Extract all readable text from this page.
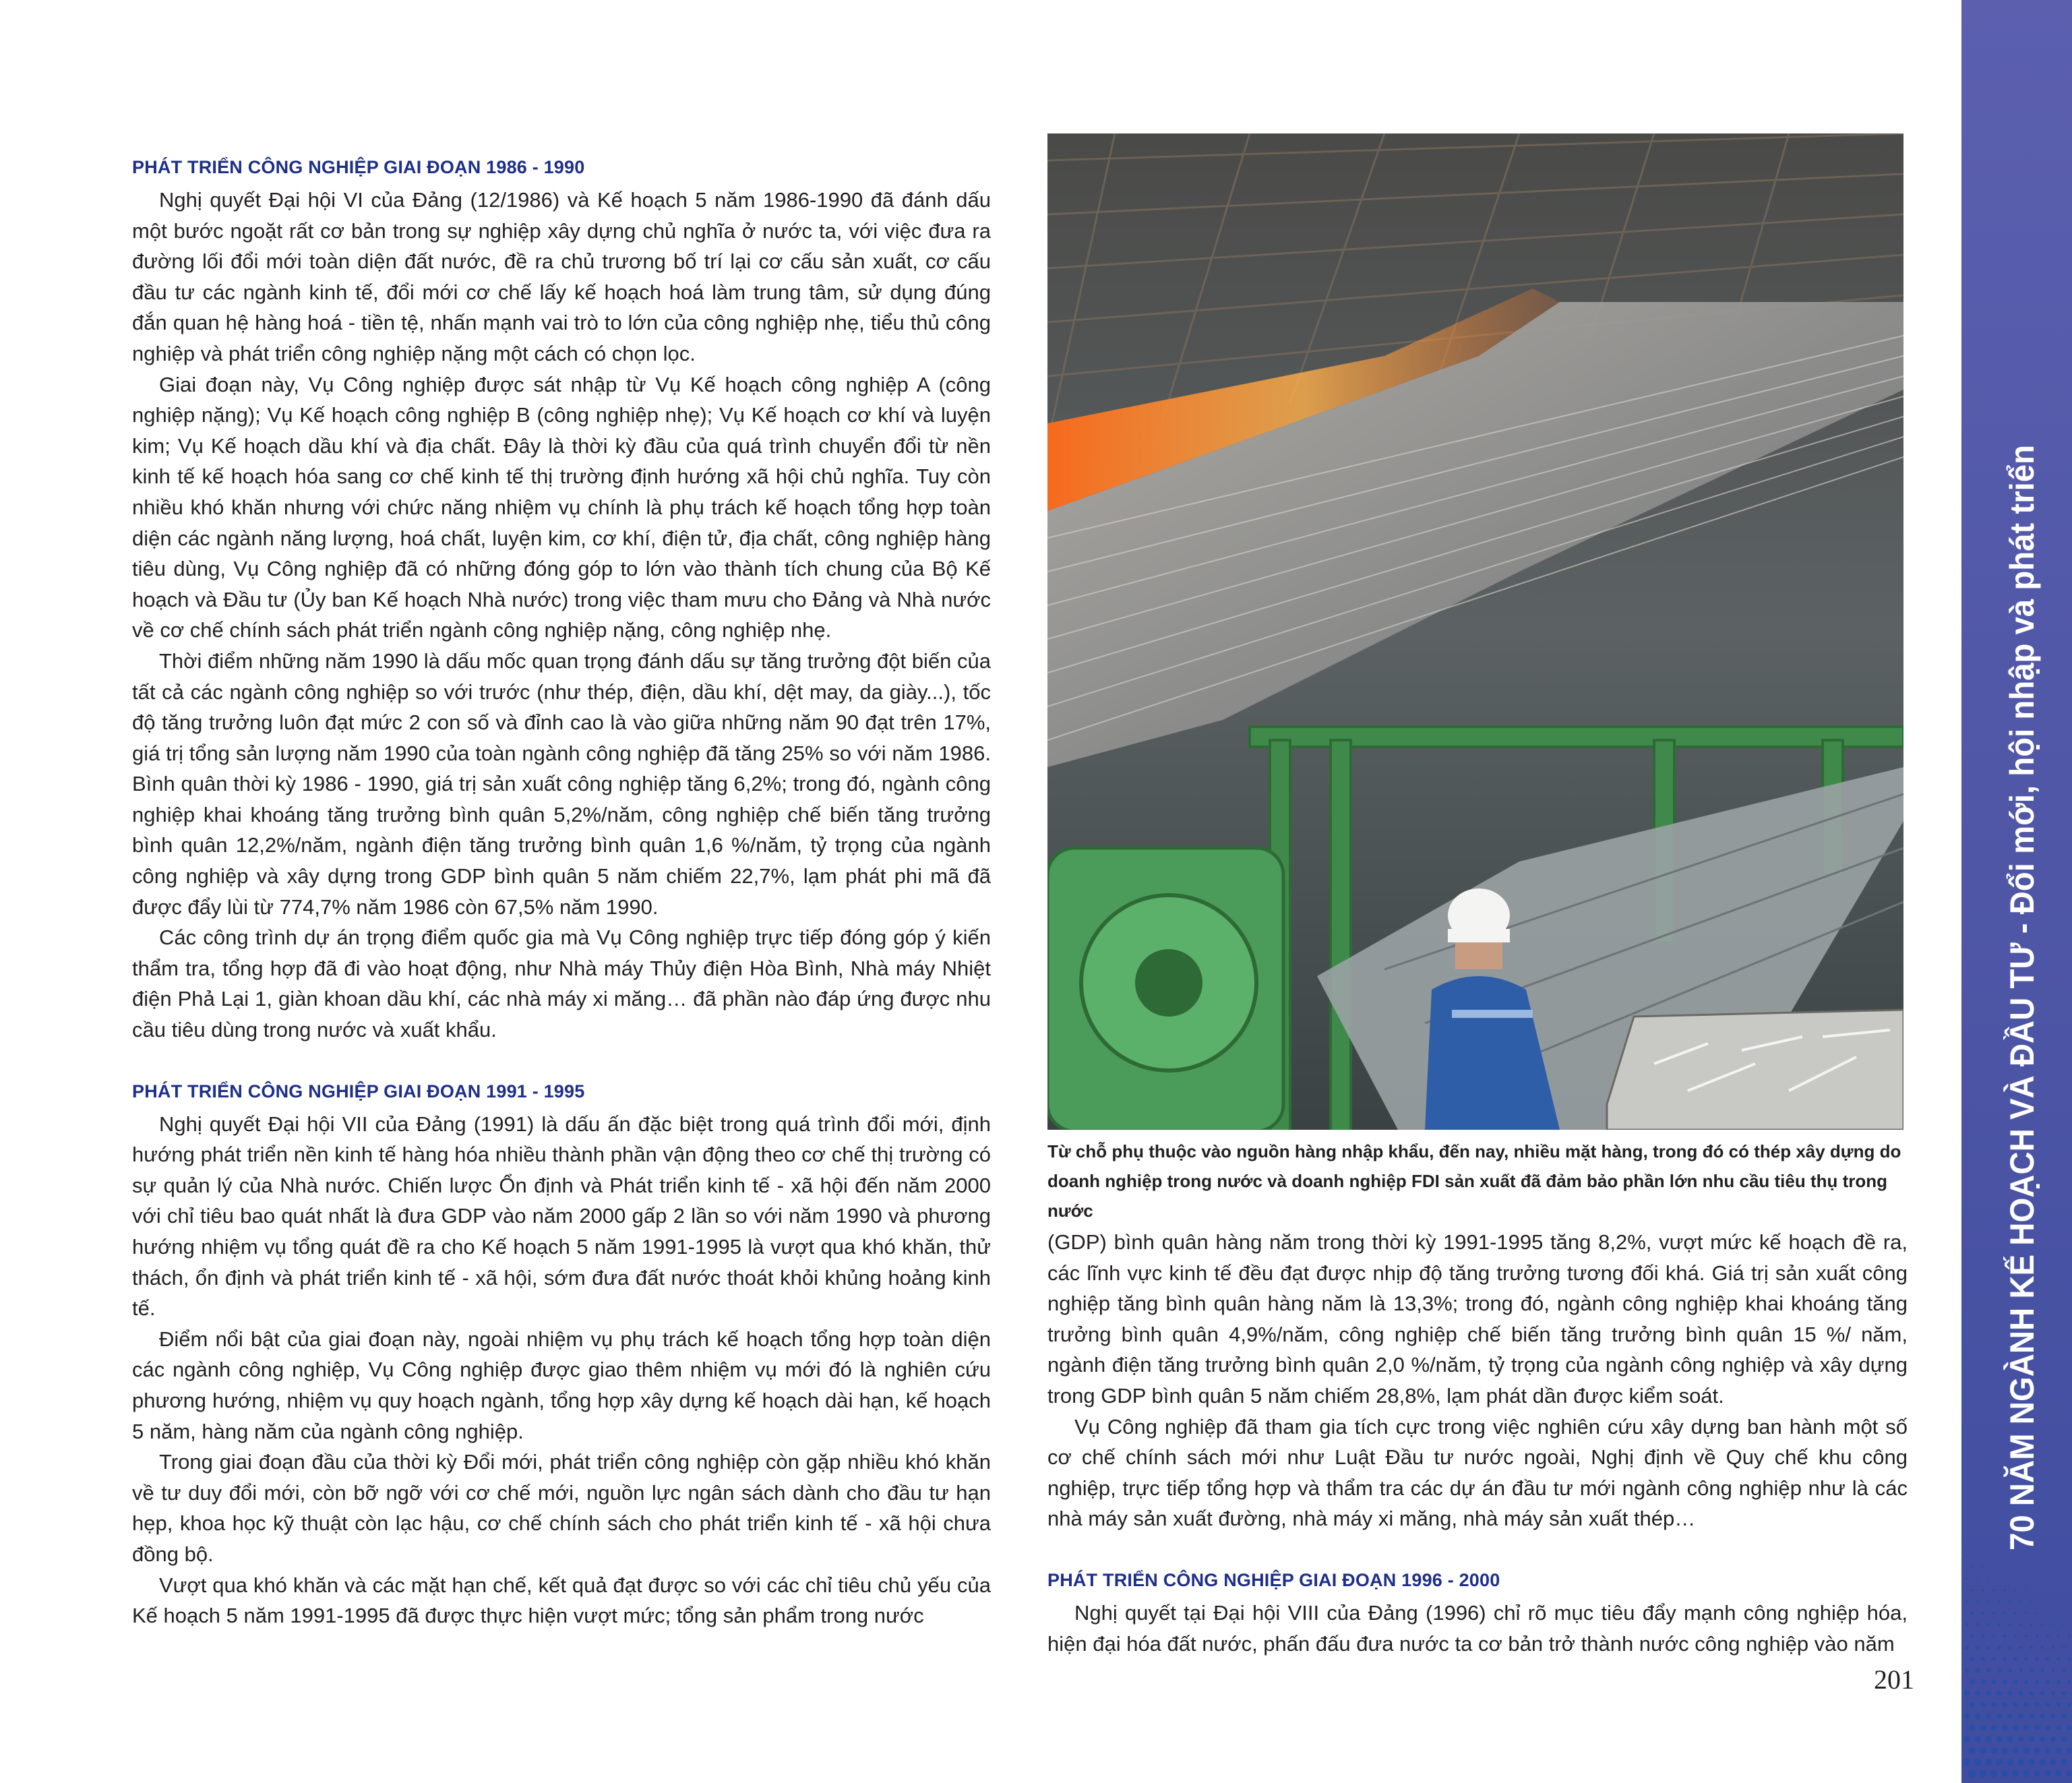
PHÁT TRIỂN CÔNG NGHIỆP GIAI ĐOẠN 1986 - 1990

Nghị quyết Đại hội VI của Đảng (12/1986) và Kế hoạch 5 năm 1986-1990 đã đánh dấu một bước ngoặt rất cơ bản trong sự nghiệp xây dựng chủ nghĩa ở nước ta, với việc đưa ra đường lối đổi mới toàn diện đất nước, đề ra chủ trương bố trí lại cơ cấu sản xuất, cơ cấu đầu tư các ngành kinh tế, đổi mới cơ chế lấy kế hoạch hoá làm trung tâm, sử dụng đúng đắn quan hệ hàng hoá - tiền tệ, nhấn mạnh vai trò to lớn của công nghiệp nhẹ, tiểu thủ công nghiệp và phát triển công nghiệp nặng một cách có chọn lọc.

Giai đoạn này, Vụ Công nghiệp được sát nhập từ Vụ Kế hoạch công nghiệp A (công nghiệp nặng); Vụ Kế hoạch công nghiệp B (công nghiệp nhẹ); Vụ Kế hoạch cơ khí và luyện kim; Vụ Kế hoạch dầu khí và địa chất. Đây là thời kỳ đầu của quá trình chuyển đổi từ nền kinh tế kế hoạch hóa sang cơ chế kinh tế thị trường định hướng xã hội chủ nghĩa. Tuy còn nhiều khó khăn nhưng với chức năng nhiệm vụ chính là phụ trách kế hoạch tổng hợp toàn diện các ngành năng lượng, hoá chất, luyện kim, cơ khí, điện tử, địa chất, công nghiệp hàng tiêu dùng, Vụ Công nghiệp đã có những đóng góp to lớn vào thành tích chung của Bộ Kế hoạch và Đầu tư (Ủy ban Kế hoạch Nhà nước) trong việc tham mưu cho Đảng và Nhà nước về cơ chế chính sách phát triển ngành công nghiệp nặng, công nghiệp nhẹ.

Thời điểm những năm 1990 là dấu mốc quan trọng đánh dấu sự tăng trưởng đột biến của tất cả các ngành công nghiệp so với trước (như thép, điện, dầu khí, dệt may, da giày...), tốc độ tăng trưởng luôn đạt mức 2 con số và đỉnh cao là vào giữa những năm 90 đạt trên 17%, giá trị tổng sản lượng năm 1990 của toàn ngành công nghiệp đã tăng 25% so với năm 1986. Bình quân thời kỳ 1986 - 1990, giá trị sản xuất công nghiệp tăng 6,2%; trong đó, ngành công nghiệp khai khoáng tăng trưởng bình quân 5,2%/năm, công nghiệp chế biến tăng trưởng bình quân 12,2%/năm, ngành điện tăng trưởng bình quân 1,6 %/năm, tỷ trọng của ngành công nghiệp và xây dựng trong GDP bình quân 5 năm chiếm 22,7%, lạm phát phi mã đã được đẩy lùi từ 774,7% năm 1986 còn 67,5% năm 1990.

Các công trình dự án trọng điểm quốc gia mà Vụ Công nghiệp trực tiếp đóng góp ý kiến thẩm tra, tổng hợp đã đi vào hoạt động, như Nhà máy Thủy điện Hòa Bình, Nhà máy Nhiệt điện Phả Lại 1, giàn khoan dầu khí, các nhà máy xi măng… đã phần nào đáp ứng được nhu cầu tiêu dùng trong nước và xuất khẩu.

PHÁT TRIỂN CÔNG NGHIỆP GIAI ĐOẠN 1991 - 1995

Nghị quyết Đại hội VII của Đảng (1991) là dấu ấn đặc biệt trong quá trình đổi mới, định hướng phát triển nền kinh tế hàng hóa nhiều thành phần vận động theo cơ chế thị trường có sự quản lý của Nhà nước. Chiến lược Ổn định và Phát triển kinh tế - xã hội đến năm 2000 với chỉ tiêu bao quát nhất là đưa GDP vào năm 2000 gấp 2 lần so với năm 1990 và phương hướng nhiệm vụ tổng quát đề ra cho Kế hoạch 5 năm 1991-1995 là vượt qua khó khăn, thử thách, ổn định và phát triển kinh tế - xã hội, sớm đưa đất nước thoát khỏi khủng hoảng kinh tế.

Điểm nổi bật của giai đoạn này, ngoài nhiệm vụ phụ trách kế hoạch tổng hợp toàn diện các ngành công nghiệp, Vụ Công nghiệp được giao thêm nhiệm vụ mới đó là nghiên cứu phương hướng, nhiệm vụ quy hoạch ngành, tổng hợp xây dựng kế hoạch dài hạn, kế hoạch 5 năm, hàng năm của ngành công nghiệp.

Trong giai đoạn đầu của thời kỳ Đổi mới, phát triển công nghiệp còn gặp nhiều khó khăn về tư duy đổi mới, còn bỡ ngỡ với cơ chế mới, nguồn lực ngân sách dành cho đầu tư hạn hẹp, khoa học kỹ thuật còn lạc hậu, cơ chế chính sách cho phát triển kinh tế - xã hội chưa đồng bộ.

Vượt qua khó khăn và các mặt hạn chế, kết quả đạt được so với các chỉ tiêu chủ yếu của Kế hoạch 5 năm 1991-1995 đã được thực hiện vượt mức; tổng sản phẩm trong nước

Từ chỗ phụ thuộc vào nguồn hàng nhập khẩu, đến nay, nhiều mặt hàng, trong đó có thép xây dựng do doanh nghiệp trong nước và doanh nghiệp FDI sản xuất đã đảm bảo phần lớn nhu cầu tiêu thụ trong nước

(GDP) bình quân hàng năm trong thời kỳ 1991-1995 tăng 8,2%, vượt mức kế hoạch đề ra, các lĩnh vực kinh tế đều đạt được nhịp độ tăng trưởng tương đối khá. Giá trị sản xuất công nghiệp tăng bình quân hàng năm là 13,3%; trong đó, ngành công nghiệp khai khoáng tăng trưởng bình quân 4,9%/năm, công nghiệp chế biến tăng trưởng bình quân 15 %/ năm, ngành điện tăng trưởng bình quân 2,0 %/năm, tỷ trọng của ngành công nghiệp và xây dựng trong GDP bình quân 5 năm chiếm 28,8%, lạm phát dần được kiểm soát.

Vụ Công nghiệp đã tham gia tích cực trong việc nghiên cứu xây dựng ban hành một số cơ chế chính sách mới như Luật Đầu tư nước ngoài, Nghị định về Quy chế khu công nghiệp, trực tiếp tổng hợp và thẩm tra các dự án đầu tư mới ngành công nghiệp như là các nhà máy sản xuất đường, nhà máy xi măng, nhà máy sản xuất thép…

PHÁT TRIỂN CÔNG NGHIỆP GIAI ĐOẠN 1996 - 2000

Nghị quyết tại Đại hội VIII của Đảng (1996) chỉ rõ mục tiêu đẩy mạnh công nghiệp hóa, hiện đại hóa đất nước, phấn đấu đưa nước ta cơ bản trở thành nước công nghiệp vào năm

70 NĂM NGÀNH KẾ HOẠCH VÀ ĐẦU TƯ - Đổi mới, hội nhập và phát triển
201
